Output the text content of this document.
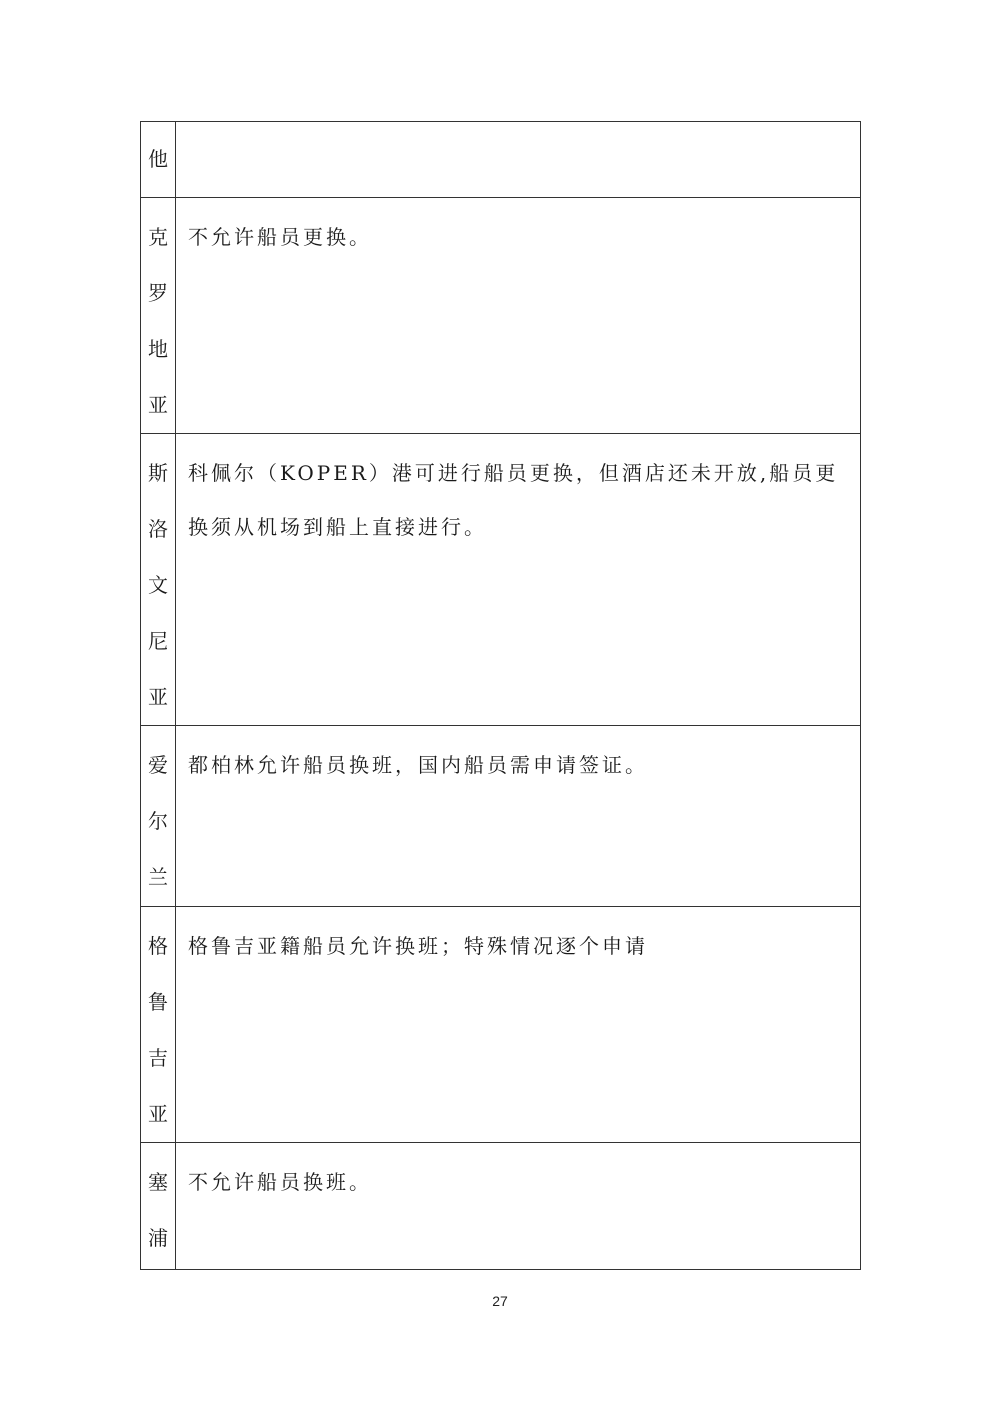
他	

克罗地亚	不允许船员更换。

斯洛文尼亚	科佩尔（KOPER）港可进行船员更换，但酒店还未开放,船员更换须从机场到船上直接进行。

爱尔兰	都柏林允许船员换班，国内船员需申请签证。

格鲁吉亚	格鲁吉亚籍船员允许换班；特殊情况逐个申请

塞浦	不允许船员换班。
27
